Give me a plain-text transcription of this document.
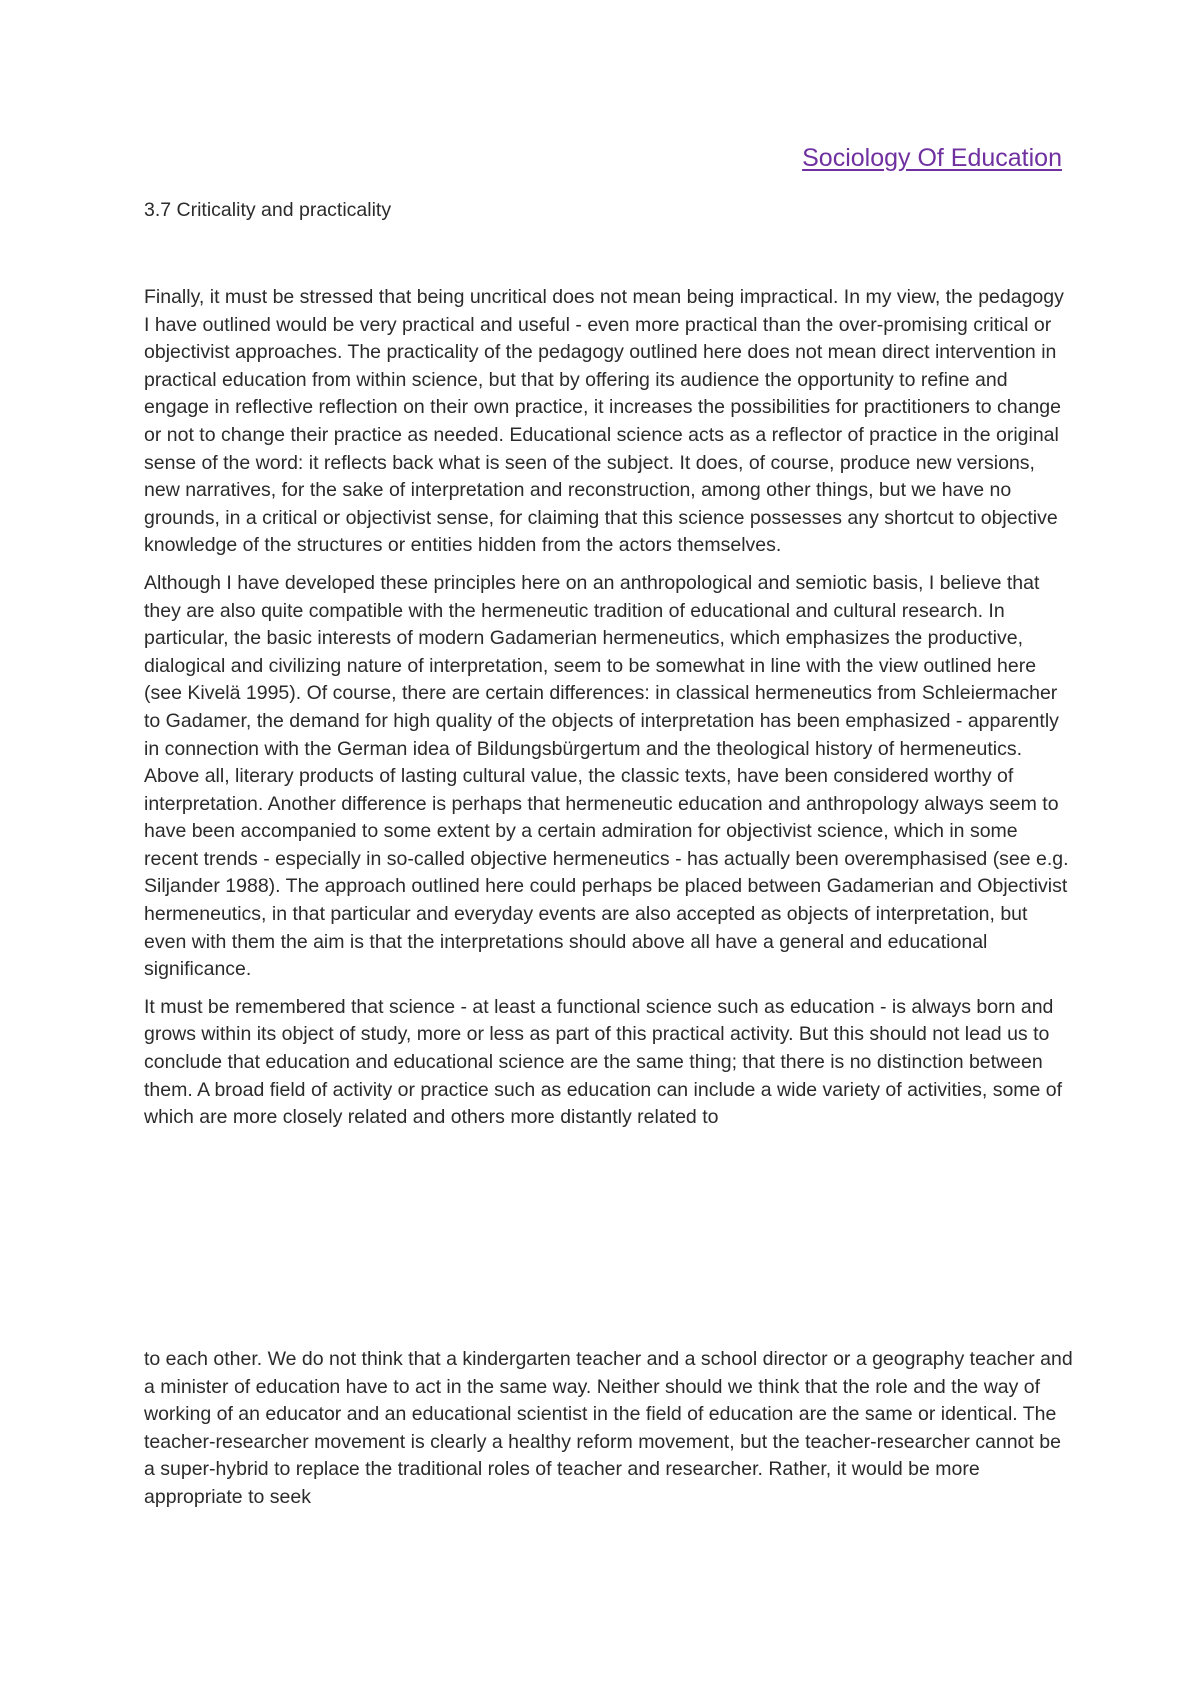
Sociology Of Education
3.7 Criticality and practicality

Finally, it must be stressed that being uncritical does not mean being impractical. In my view, the pedagogy I have outlined would be very practical and useful - even more practical than the over-promising critical or objectivist approaches. The practicality of the pedagogy outlined here does not mean direct intervention in practical education from within science, but that by offering its audience the opportunity to refine and engage in reflective reflection on their own practice, it increases the possibilities for practitioners to change or not to change their practice as needed. Educational science acts as a reflector of practice in the original sense of the word: it reflects back what is seen of the subject. It does, of course, produce new versions, new narratives, for the sake of interpretation and reconstruction, among other things, but we have no grounds, in a critical or objectivist sense, for claiming that this science possesses any shortcut to objective knowledge of the structures or entities hidden from the actors themselves.

Although I have developed these principles here on an anthropological and semiotic basis, I believe that they are also quite compatible with the hermeneutic tradition of educational and cultural research. In particular, the basic interests of modern Gadamerian hermeneutics, which emphasizes the productive, dialogical and civilizing nature of interpretation, seem to be somewhat in line with the view outlined here (see Kivelä 1995). Of course, there are certain differences: in classical hermeneutics from Schleiermacher to Gadamer, the demand for high quality of the objects of interpretation has been emphasized - apparently in connection with the German idea of Bildungsbürgertum and the theological history of hermeneutics. Above all, literary products of lasting cultural value, the classic texts, have been considered worthy of interpretation. Another difference is perhaps that hermeneutic education and anthropology always seem to have been accompanied to some extent by a certain admiration for objectivist science, which in some recent trends - especially in so-called objective hermeneutics - has actually been overemphasised (see e.g. Siljander 1988). The approach outlined here could perhaps be placed between Gadamerian and Objectivist hermeneutics, in that particular and everyday events are also accepted as objects of interpretation, but even with them the aim is that the interpretations should above all have a general and educational significance.

It must be remembered that science - at least a functional science such as education - is always born and grows within its object of study, more or less as part of this practical activity. But this should not lead us to conclude that education and educational science are the same thing; that there is no distinction between them. A broad field of activity or practice such as education can include a wide variety of activities, some of which are more closely related and others more distantly related to

to each other. We do not think that a kindergarten teacher and a school director or a geography teacher and a minister of education have to act in the same way. Neither should we think that the role and the way of working of an educator and an educational scientist in the field of education are the same or identical. The teacher-researcher movement is clearly a healthy reform movement, but the teacher-researcher cannot be a super-hybrid to replace the traditional roles of teacher and researcher. Rather, it would be more appropriate to seek
